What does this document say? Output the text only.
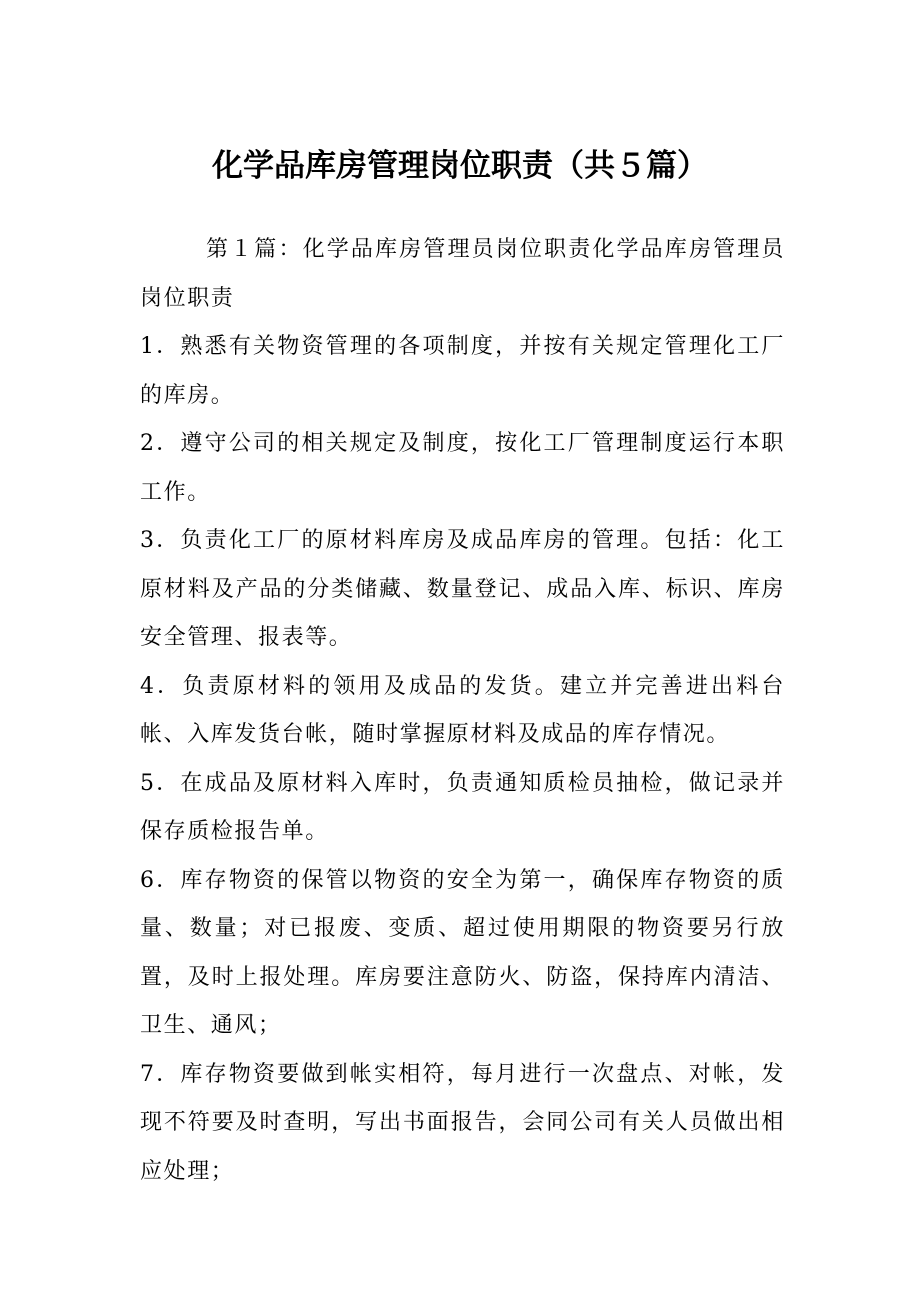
化学品库房管理岗位职责（共５篇）

第１篇：化学品库房管理员岗位职责化学品库房管理员岗位职责

1．熟悉有关物资管理的各项制度，并按有关规定管理化工厂的库房。

2．遵守公司的相关规定及制度，按化工厂管理制度运行本职工作。

3．负责化工厂的原材料库房及成品库房的管理。包括：化工原材料及产品的分类储藏、数量登记、成品入库、标识、库房安全管理、报表等。

4．负责原材料的领用及成品的发货。建立并完善进出料台帐、入库发货台帐，随时掌握原材料及成品的库存情况。

5．在成品及原材料入库时，负责通知质检员抽检，做记录并保存质检报告单。

6．库存物资的保管以物资的安全为第一，确保库存物资的质量、数量；对已报废、变质、超过使用期限的物资要另行放置，及时上报处理。库房要注意防火、防盗，保持库内清洁、卫生、通风；

7．库存物资要做到帐实相符，每月进行一次盘点、对帐，发现不符要及时查明，写出书面报告，会同公司有关人员做出相应处理；
